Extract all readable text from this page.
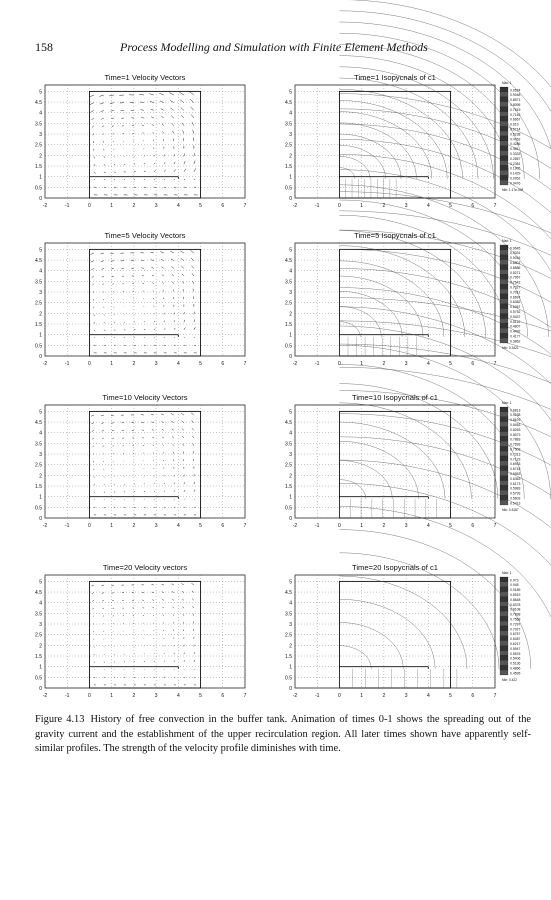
158	Process Modelling and Simulation with Finite Element Methods
Time=1 Velocity Vectors	Time=1 Isopycnals of c1
-2	-1	0	1	2	3	4	5	6	7
0
0.5
1
1.5
2
2.5
3
3.5
4
4.5
5
-2	-1	0	1	2	3	4	5	6	7
0
0.5
1
1.5
2
2.5
3
3.5
4
4.5
5
Max: 1
0.9524
0.9048
0.8571
0.8095
0.7619
0.7143
0.6667
0.619
0.5714
0.5238
0.4762
0.4286
0.381
0.3333
0.2857
0.2381
0.1905
0.1429
0.0952
0.0476
Min: 1.17e-008
Time=5 Velocity Vectors	Time=5 Isopycnals of c1
-2	-1	0	1	2	3	4	5	6	7
0
0.5
1
1.5
2
2.5
3
3.5
4
4.5
5
-2	-1	0	1	2	3	4	5	6	7
0
0.5
1
1.5
2
2.5
3
3.5
4
4.5
5
Max: 1
0.9645
0.9331
0.9016
0.8801
0.8586
0.8271
0.7957
0.7642
0.7327
0.7012
0.6697
0.6382
0.6067
0.5752
0.5437
0.5122
0.4807
0.4492
0.4177
0.3862
Min: 0.3421
Time=10 Velocity Vectors	Time=10 Isopycnals of c1
-2	-1	0	1	2	3	4	5	6	7
0
0.5
1
1.5
2
2.5
3
3.5
4
4.5
5
-2	-1	0	1	2	3	4	5	6	7
0
0.5
1
1.5
2
2.5
3
3.5
4
4.5
5
Max: 1
0.9813
0.9238
0.8676
0.8453
0.8263
0.8073
0.7883
0.7693
0.7503
0.7313
0.7123
0.6933
0.6743
0.6553
0.6363
0.6173
0.5983
0.5793
0.5603
0.5413
Min: 0.5187
Time=20 Velocity vectors	Time=20 Isopycnals of c1
-2	-1	0	1	2	3	4	5	6	7
0
0.5
1
1.5
2
2.5
3
3.5
4
4.5
5
-2	-1	0	1	2	3	4	5	6	7
0
0.5
1
1.5
2
2.5
3
3.5
4
4.5
5
Max: 1
0.973
0.945
0.9189
0.8919
0.8648
0.8378
0.8108
0.7838
0.7568
0.7297
0.7027
0.6757
0.6487
0.6217
0.5947
0.5676
0.5406
0.5136
0.4866
0.4595
Min: 0.422
Figure 4.13 History of free convection in the buffer tank. Animation of times 0-1 shows the spreading out of the gravity current and the establishment of the upper recirculation region. All later times shown have apparently self-similar profiles. The strength of the velocity profile diminishes with time.
